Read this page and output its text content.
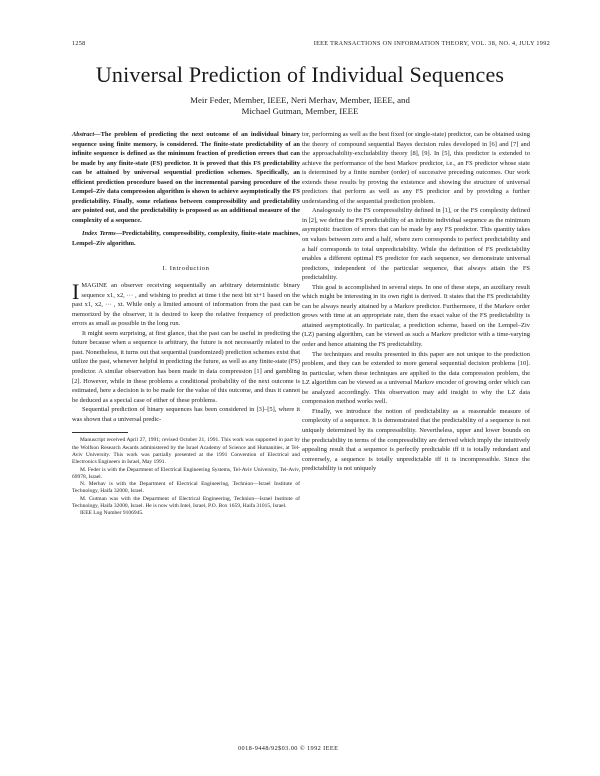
1258	IEEE TRANSACTIONS ON INFORMATION THEORY, VOL. 38, NO. 4, JULY 1992
Universal Prediction of Individual Sequences
Meir Feder, Member, IEEE, Neri Merhav, Member, IEEE, and
Michael Gutman, Member, IEEE

Abstract—The problem of predicting the next outcome of an individual binary sequence using finite memory, is considered. The finite-state predictability of an infinite sequence is defined as the minimum fraction of prediction errors that can be made by any finite-state (FS) predictor. It is proved that this FS predictability can be attained by universal sequential prediction schemes. Specifically, an efficient prediction procedure based on the incremental parsing procedure of the Lempel–Ziv data compression algorithm is shown to achieve asymptotically the FS predictability. Finally, some relations between compressibility and predictability are pointed out, and the predictability is proposed as an additional measure of the complexity of a sequence.

Index Terms—Predictability, compressibility, complexity, finite-state machines, Lempel–Ziv algorithm.

I. Introduction

IMAGINE an observer receiving sequentially an arbitrary deterministic binary sequence x1, x2, ··· , and wishing to predict at time t the next bit xt+1 based on the past x1, x2, ··· , xt. While only a limited amount of information from the past can be memorized by the observer, it is desired to keep the relative frequency of prediction errors as small as possible in the long run.

It might seem surprising, at first glance, that the past can be useful in predicting the future because when a sequence is arbitrary, the future is not necessarily related to the past. Nonetheless, it turns out that sequential (randomized) prediction schemes exist that utilize the past, whenever helpful in predicting the future, as well as any finite-state (FS) predictor. A similar observation has been made in data compression [1] and gambling [2]. However, while in these problems a conditional probability of the next outcome is estimated, here a decision is to be made for the value of this outcome, and thus it cannot be deduced as a special case of either of these problems.

Sequential prediction of binary sequences has been considered in [3]–[5], where it was shown that a universal predic-

Manuscript received April 27, 1991; revised October 21, 1991. This work was supported in part by the Wolfson Research Awards administered by the Israel Academy of Science and Humanities, at Tel-Aviv University. This work was partially presented at the 1991 Convention of Electrical and Electronics Engineers in Israel, May 1991.

M. Feder is with the Department of Electrical Engineering Systems, Tel-Aviv University, Tel-Aviv, 69978, Israel.

N. Merhav is with the Department of Electrical Engineering, Technion—Israel Institute of Technology, Haifa 32000, Israel.

M. Gutman was with the Department of Electrical Engineering, Technion—Israel Institute of Technology, Haifa 32000, Israel. He is now with Intel, Israel, P.O. Box 1659, Haifa 31015, Israel.

IEEE Log Number 9106945.

tor, performing as well as the best fixed (or single-state) predictor, can be obtained using the theory of compound sequential Bayes decision rules developed in [6] and [7] and the approachability-excludability theory [8], [9]. In [5], this predictor is extended to achieve the performance of the best Markov predictor, i.e., an FS predictor whose state is determined by a finite number (order) of successive preceding outcomes. Our work extends these results by proving the existence and showing the structure of universal predictors that perform as well as any FS predictor and by providing a further understanding of the sequential prediction problem.

Analogously to the FS compressibility defined in [1], or the FS complexity defined in [2], we define the FS predictability of an infinite individual sequence as the minimum asymptotic fraction of errors that can be made by any FS predictor. This quantity takes on values between zero and a half, where zero corresponds to perfect predictability and a half corresponds to total unpredictability. While the definition of FS predictability enables a different optimal FS predictor for each sequence, we demonstrate universal predictors, independent of the particular sequence, that always attain the FS predictability.

This goal is accomplished in several steps. In one of these steps, an auxiliary result which might be interesting in its own right is derived. It states that the FS predictability can be always nearly attained by a Markov predictor. Furthermore, if the Markov order grows with time at an appropriate rate, then the exact value of the FS predictability is attained asymptotically. In particular, a prediction scheme, based on the Lempel–Ziv (LZ) parsing algorithm, can be viewed as such a Markov predictor with a time-varying order and hence attaining the FS predictability.

The techniques and results presented in this paper are not unique to the prediction problem, and they can be extended to more general sequential decision problems [10]. In particular, when these techniques are applied to the data compression problem, the LZ algorithm can be viewed as a universal Markov encoder of growing order which can be analyzed accordingly. This observation may add insight to why the LZ data compression method works well.

Finally, we introduce the notion of predictability as a reasonable measure of complexity of a sequence. It is demonstrated that the predictability of a sequence is not uniquely determined by its compressibility. Nevertheless, upper and lower bounds on the predictability in terms of the compressibility are derived which imply the intuitively appealing result that a sequence is perfectly predictable iff it is totally redundant and conversely, a sequence is totally unpredictable iff it is incompressible. Since the predictability is not uniquely

0018-9448/92$03.00 © 1992 IEEE
